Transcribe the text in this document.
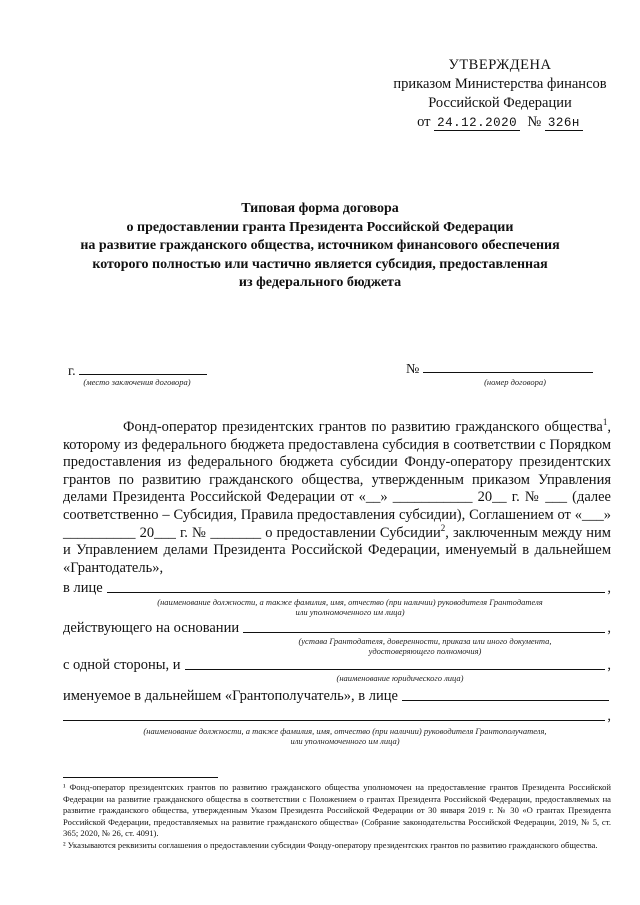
УТВЕРЖДЕНА
приказом Министерства финансов
Российской Федерации
от 24.12.2020 № 326н
Типовая форма договора
о предоставлении гранта Президента Российской Федерации
на развитие гражданского общества, источником финансового обеспечения
которого полностью или частично является субсидия, предоставленная
из федерального бюджета
г.
(место заключения договора)
№
(номер договора)

Фонд-оператор президентских грантов по развитию гражданского общества$^1$, которому из федерального бюджета предоставлена субсидия в соответствии с Порядком предоставления из федерального бюджета субсидии Фонду-оператору президентских грантов по развитию гражданского общества, утвержденным приказом Управления делами Президента Российской Федерации от «__» ___________ 20__ г. № ___ (далее соответственно – Субсидия, Правила предоставления субсидии), Соглашением от «___» __________ 20___ г. № _______ о предоставлении Субсидии$^2$, заключенным между ним и Управлением делами Президента Российской Федерации, именуемый в дальнейшем «Грантодатель»,

в лице	,
(наименование должности, а также фамилия, имя, отчество (при наличии) руководителя Грантодателя
или уполномоченного им лица)
действующего на основании	,
(устава Грантодателя, доверенности, приказа или иного документа,
удостоверяющего полномочия)
с одной стороны, и	,
(наименование юридического лица)
именуемое в дальнейшем «Грантополучатель», в лице
,
(наименование должности, а также фамилия, имя, отчество (при наличии) руководителя Грантополучателя,
или уполномоченного им лица)

¹ Фонд-оператор президентских грантов по развитию гражданского общества уполномочен на предоставление грантов Президента Российской Федерации на развитие гражданского общества в соответствии с Положением о грантах Президента Российской Федерации, предоставляемых на развитие гражданского общества, утвержденным Указом Президента Российской Федерации от 30 января 2019 г. № 30 «О грантах Президента Российской Федерации, предоставляемых на развитие гражданского общества» (Собрание законодательства Российской Федерации, 2019, № 5, ст. 365; 2020, № 26, ст. 4091).

² Указываются реквизиты соглашения о предоставлении субсидии Фонду-оператору президентских грантов по развитию гражданского общества.
